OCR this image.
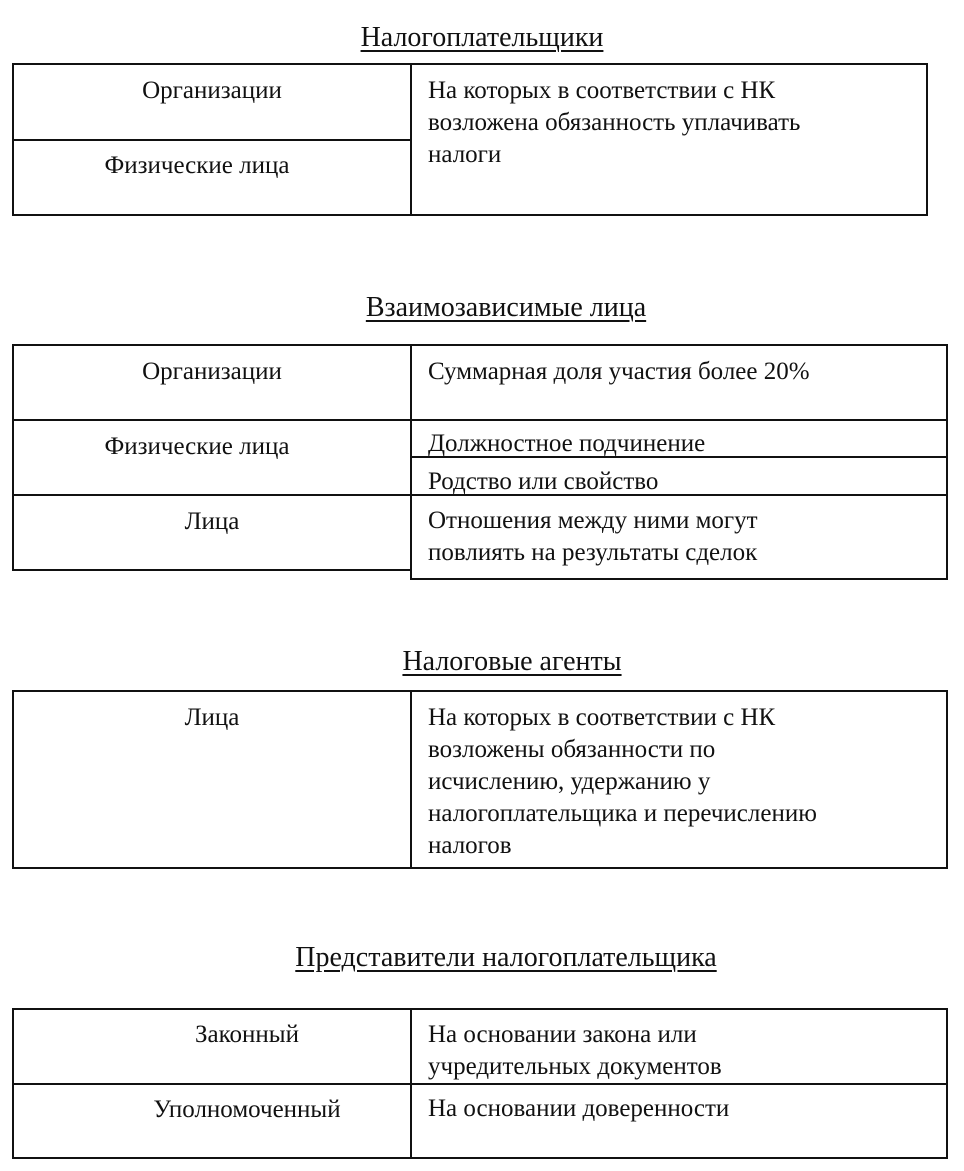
Налогоплательщики
Организации
Физические лица
На которых в соответствии с НК
возложена обязанность уплачивать
налоги
Взаимозависимые лица
Организации
Физические лица
Лица
Суммарная доля участия более 20%
Должностное подчинение
Родство или свойство
Отношения между ними могут
повлиять на результаты сделок
Налоговые агенты
Лица	На которых в соответствии с НК
возложены обязанности по
исчислению, удержанию у
налогоплательщика и перечислению
налогов
Представители налогоплательщика
Законный
Уполномоченный
На основании закона или
учредительных документов
На основании доверенности
